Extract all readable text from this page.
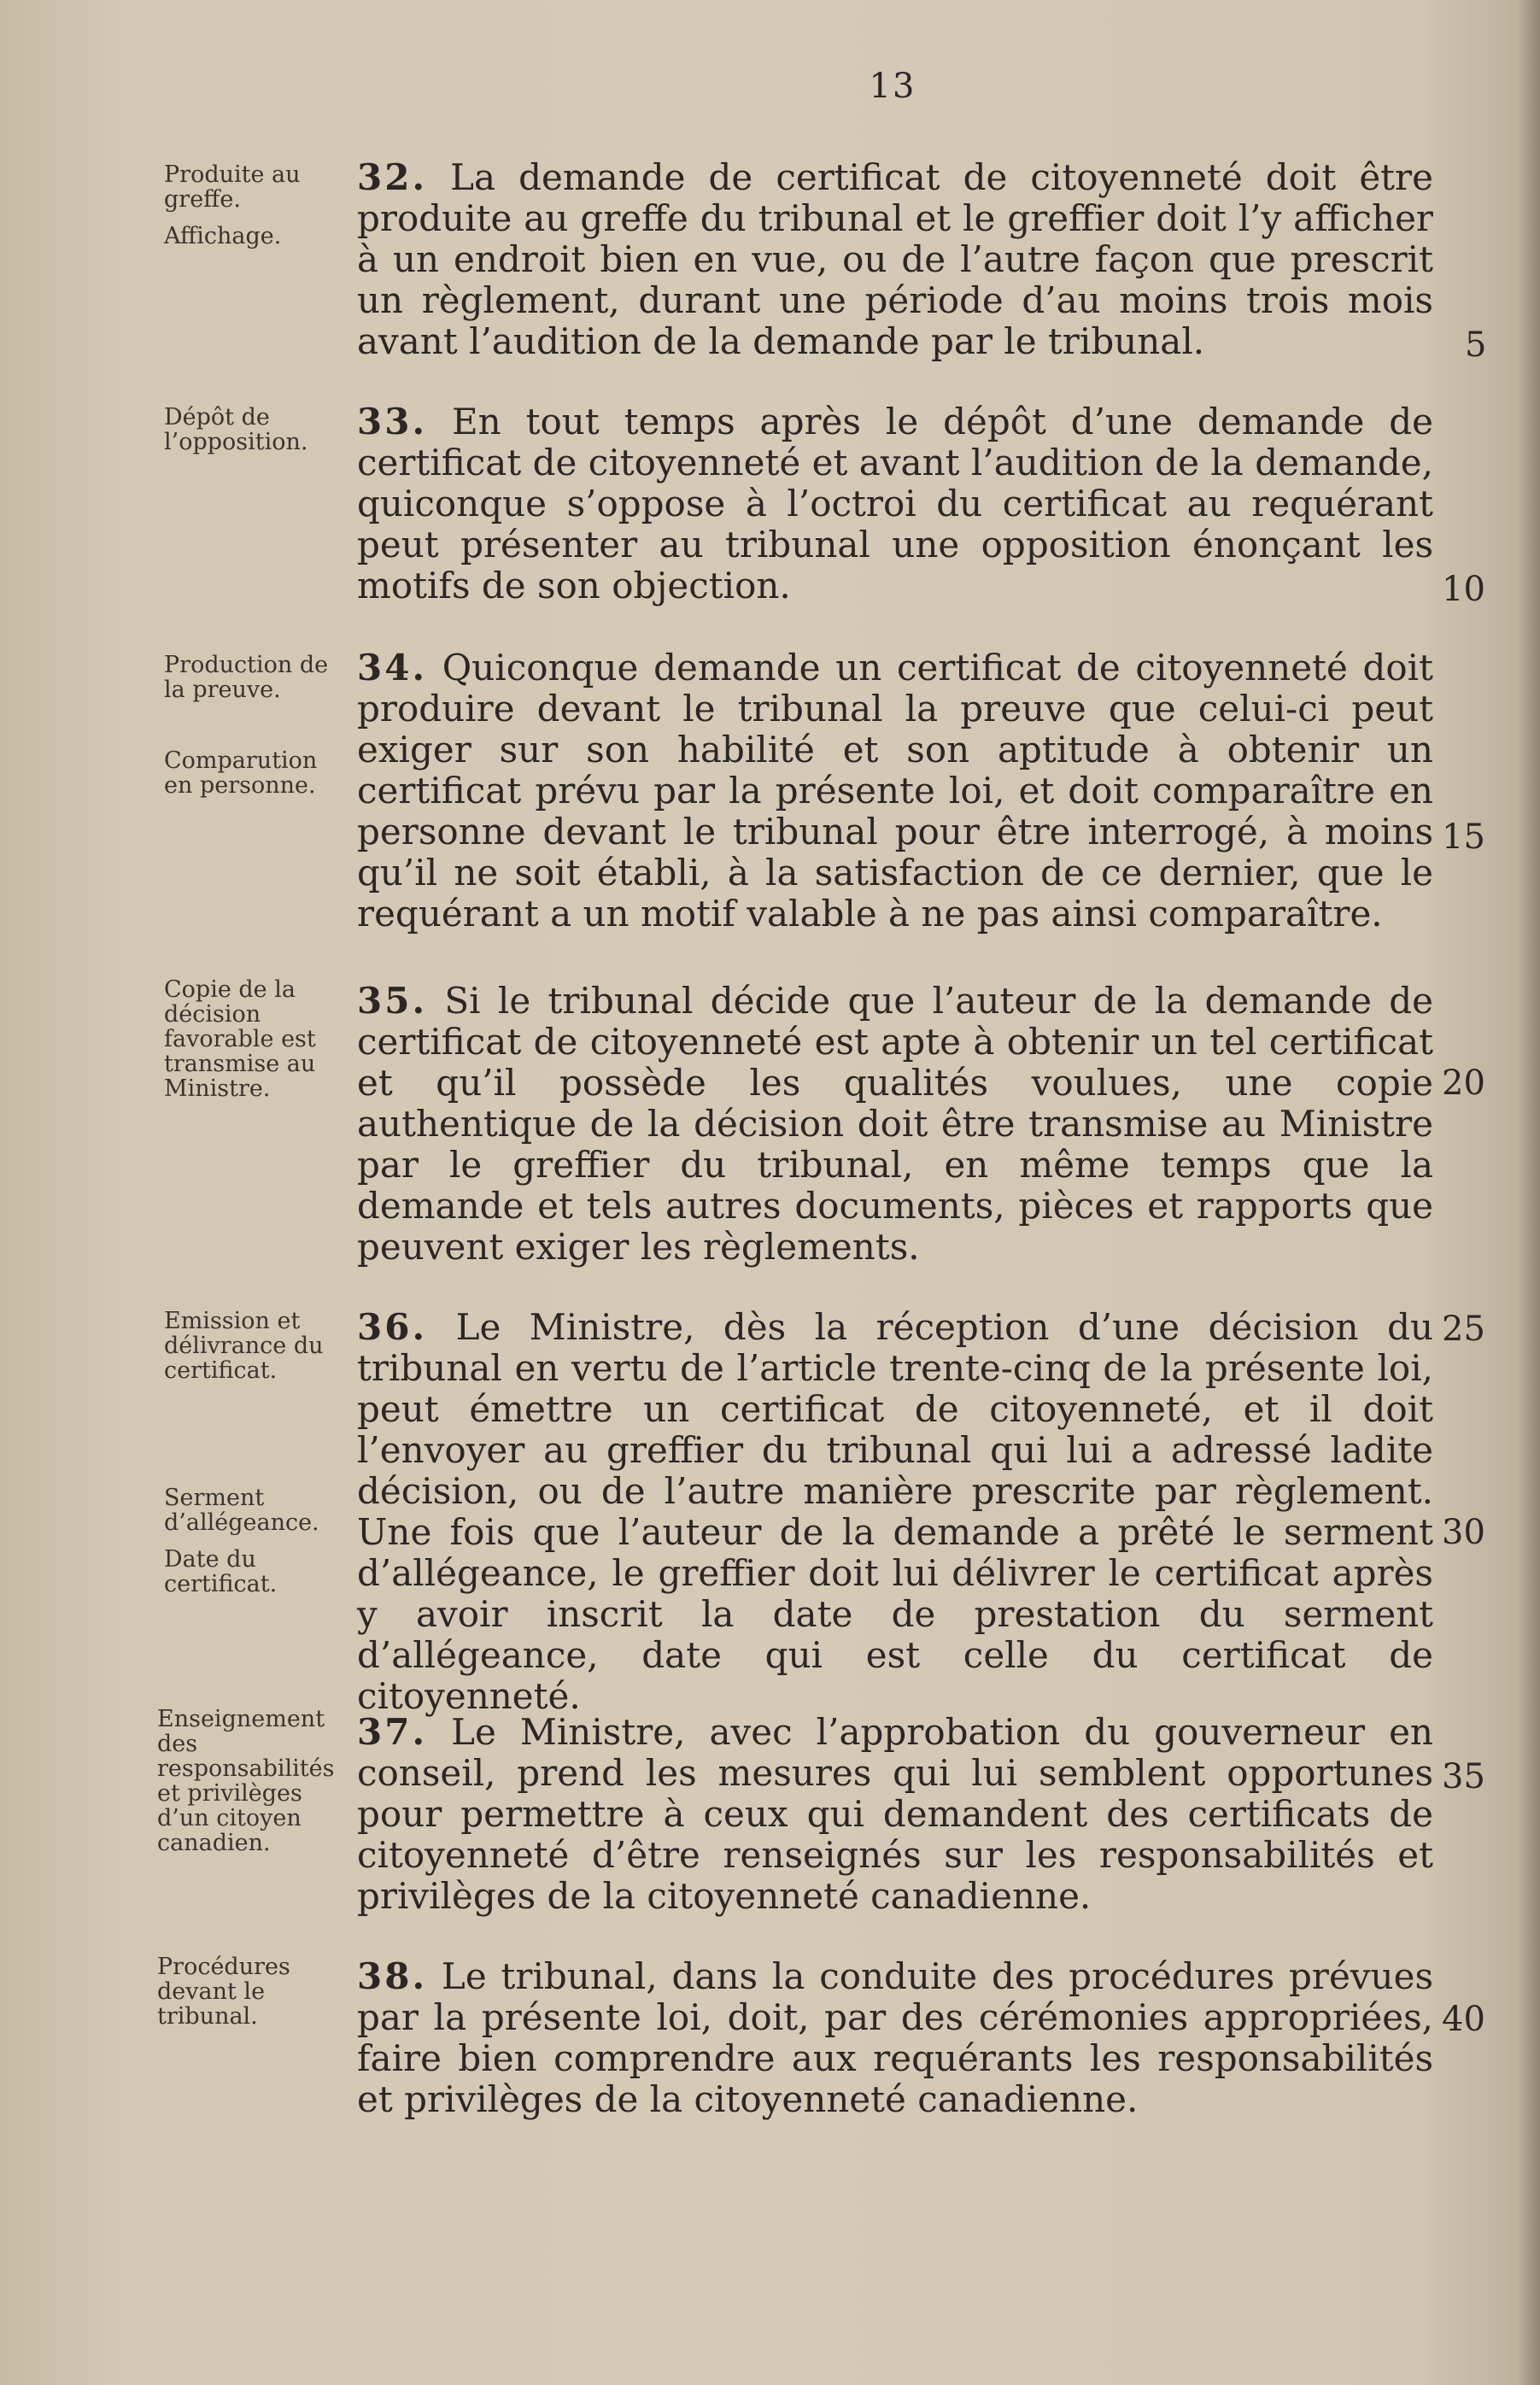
13
Produite au greffe.
Affichage.
32. La demande de certificat de citoyenneté doit être produite au greffe du tribunal et le greffier doit l’y afficher à un endroit bien en vue, ou de l’autre façon que prescrit un règlement, durant une période d’au moins trois mois avant l’audition de la demande par le tribunal.	5
Dépôt de l’opposition.	33. En tout temps après le dépôt d’une demande de certificat de citoyenneté et avant l’audition de la demande, quiconque s’oppose à l’octroi du certificat au requérant peut présenter au tribunal une opposition énonçant les motifs de son objection.	10
Production de la preuve.
Comparution en personne.
34. Quiconque demande un certificat de citoyenneté doit produire devant le tribunal la preuve que celui-ci peut exiger sur son habilité et son aptitude à obtenir un certificat prévu par la présente loi, et doit comparaître en personne devant le tribunal pour être interrogé, à moins qu’il ne soit établi, à la satisfaction de ce dernier, que le requérant a un motif valable à ne pas ainsi comparaître.
15
Copie de la décision favorable est transmise au Ministre.
35. Si le tribunal décide que l’auteur de la demande de certificat de citoyenneté est apte à obtenir un tel certificat et qu’il possède les qualités voulues, une copie authentique de la décision doit être transmise au Ministre par le greffier du tribunal, en même temps que la demande et tels autres documents, pièces et rapports que peuvent exiger les règlements.
20
Emission et délivrance du certificat.
Serment d’allégeance.
Date du certificat.
36. Le Ministre, dès la réception d’une décision du tribunal en vertu de l’article trente-cinq de la présente loi, peut émettre un certificat de citoyenneté, et il doit l’envoyer au greffier du tribunal qui lui a adressé ladite décision, ou de l’autre manière prescrite par règlement. Une fois que l’auteur de la demande a prêté le serment d’allégeance, le greffier doit lui délivrer le certificat après y avoir inscrit la date de prestation du serment d’allégeance, date qui est celle du certificat de citoyenneté.
25
30
Enseignement des responsabilités et privilèges d’un citoyen canadien.
37. Le Ministre, avec l’approbation du gouverneur en conseil, prend les mesures qui lui semblent opportunes pour permettre à ceux qui demandent des certificats de citoyenneté d’être renseignés sur les responsabilités et privilèges de la citoyenneté canadienne.
35
Procédures devant le tribunal.
38. Le tribunal, dans la conduite des procédures prévues par la présente loi, doit, par des cérémonies appropriées, faire bien comprendre aux requérants les responsabilités et privilèges de la citoyenneté canadienne.
40
